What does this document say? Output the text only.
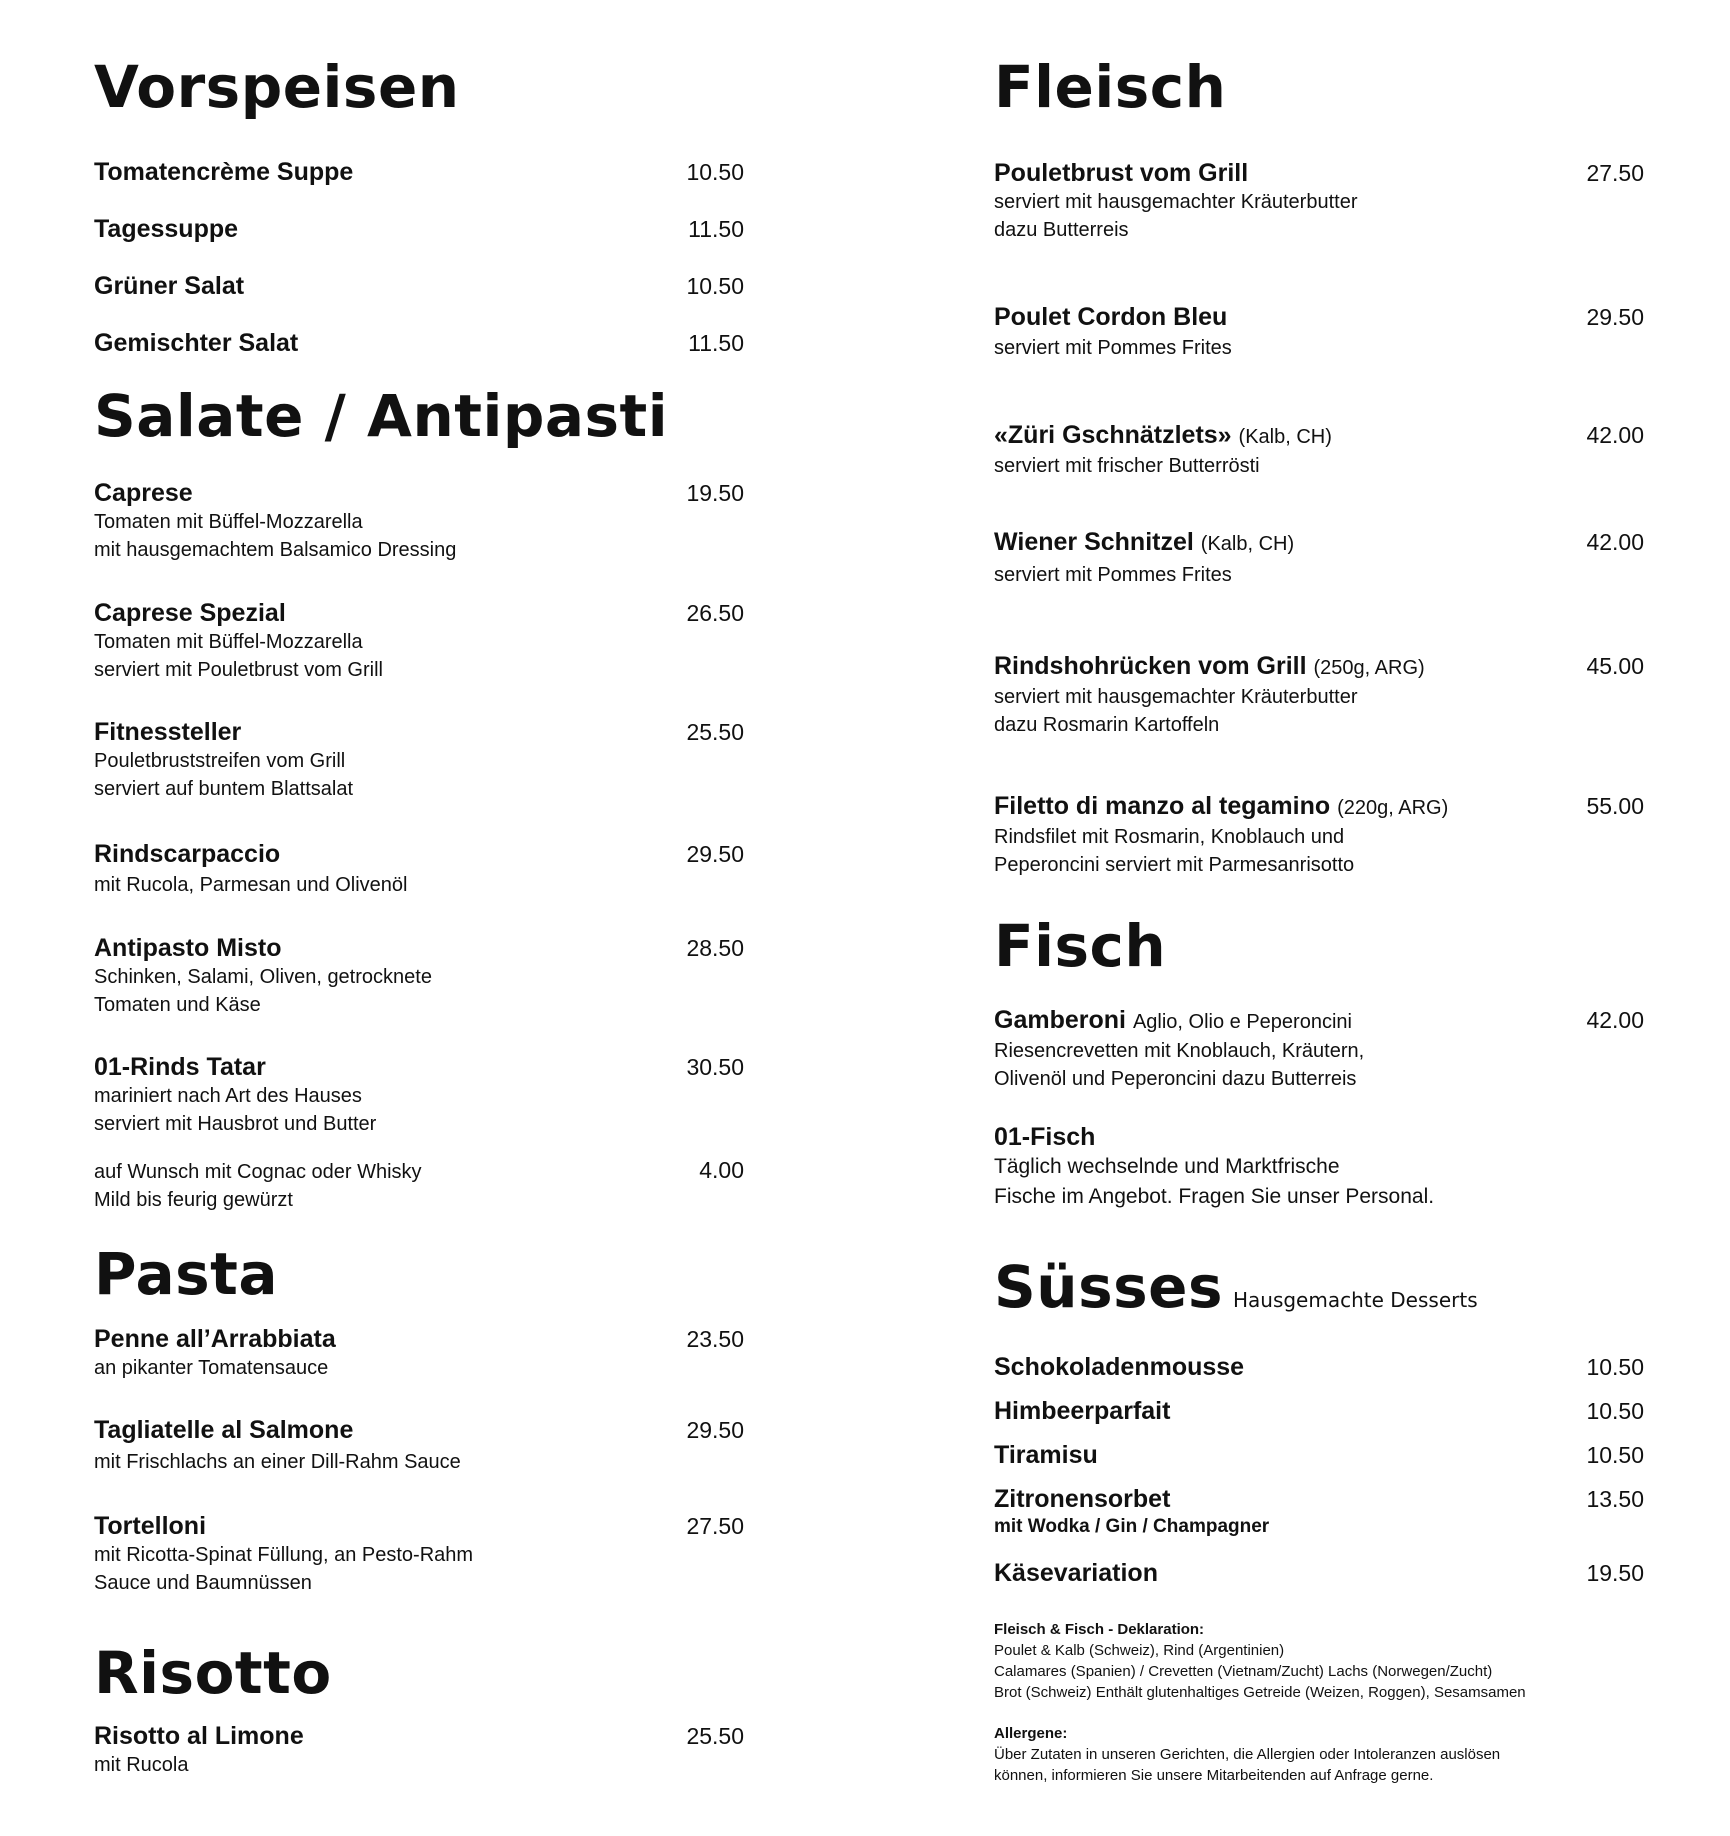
Vorspeisen
Tomatencrème Suppe	10.50
Tagessuppe	11.50
Grüner Salat	10.50
Gemischter Salat	11.50
Salate / Antipasti
Caprese	19.50
Tomaten mit Büffel-Mozzarella
mit hausgemachtem Balsamico Dressing
Caprese Spezial	26.50
Tomaten mit Büffel-Mozzarella
serviert mit Pouletbrust vom Grill
Fitnessteller	25.50
Pouletbruststreifen vom Grill
serviert auf buntem Blattsalat
Rindscarpaccio	29.50
mit Rucola, Parmesan und Olivenöl
Antipasto Misto	28.50
Schinken, Salami, Oliven, getrocknete
Tomaten und Käse
01-Rinds Tatar	30.50
mariniert nach Art des Hauses
serviert mit Hausbrot und Butter
auf Wunsch mit Cognac oder Whisky	4.00
Mild bis feurig gewürzt
Pasta
Penne all’Arrabbiata	23.50
an pikanter Tomatensauce
Tagliatelle al Salmone	29.50
mit Frischlachs an einer Dill-Rahm Sauce
Tortelloni	27.50
mit Ricotta-Spinat Füllung, an Pesto-Rahm
Sauce und Baumnüssen
Risotto
Risotto al Limone	25.50
mit Rucola
Fleisch
Pouletbrust vom Grill	27.50
serviert mit hausgemachter Kräuterbutter
dazu Butterreis
Poulet Cordon Bleu	29.50
serviert mit Pommes Frites
«Züri Gschnätzlets» (Kalb, CH)	42.00
serviert mit frischer Butterrösti
Wiener Schnitzel (Kalb, CH)	42.00
serviert mit Pommes Frites
Rindshohrücken vom Grill (250g, ARG)	45.00
serviert mit hausgemachter Kräuterbutter
dazu Rosmarin Kartoffeln
Filetto di manzo al tegamino (220g, ARG)	55.00
Rindsfilet mit Rosmarin, Knoblauch und
Peperoncini serviert mit Parmesanrisotto
Fisch
Gamberoni Aglio, Olio e Peperoncini	42.00
Riesencrevetten mit Knoblauch, Kräutern,
Olivenöl und Peperoncini dazu Butterreis
01-Fisch
Täglich wechselnde und Marktfrische
Fische im Angebot. Fragen Sie unser Personal.
Süsses Hausgemachte Desserts
Schokoladenmousse	10.50
Himbeerparfait	10.50
Tiramisu	10.50
Zitronensorbet	13.50
mit Wodka / Gin / Champagner
Käsevariation	19.50
Fleisch & Fisch - Deklaration:
Poulet & Kalb (Schweiz), Rind (Argentinien)
Calamares (Spanien) / Crevetten (Vietnam/Zucht) Lachs (Norwegen/Zucht)
Brot (Schweiz) Enthält glutenhaltiges Getreide (Weizen, Roggen), Sesamsamen
Allergene:
Über Zutaten in unseren Gerichten, die Allergien oder Intoleranzen auslösen
können, informieren Sie unsere Mitarbeitenden auf Anfrage gerne.
